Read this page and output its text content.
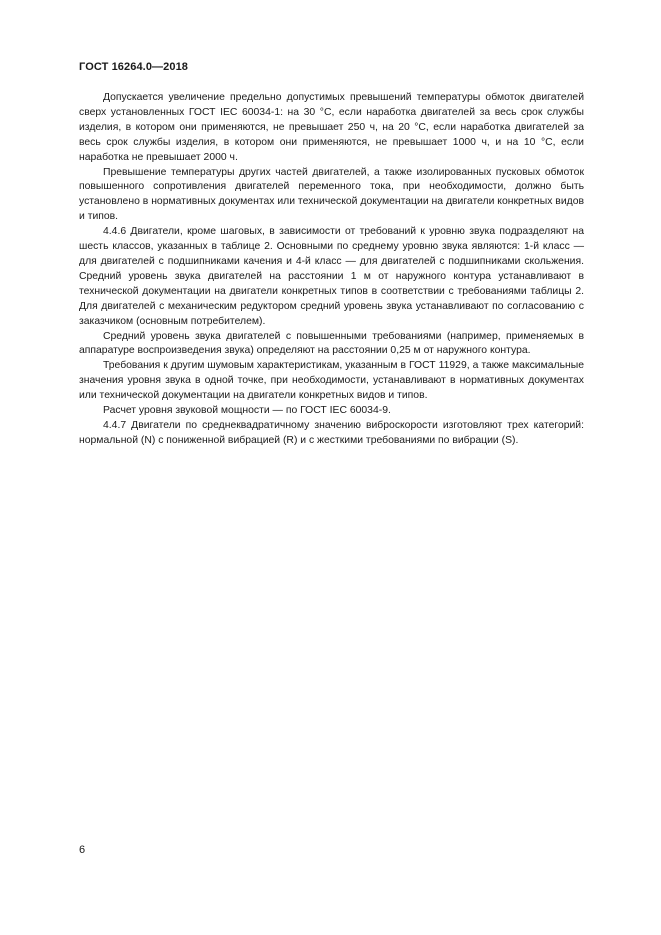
ГОСТ 16264.0—2018

Допускается увеличение предельно допустимых превышений температуры обмоток двигателей сверх установленных ГОСТ IEC 60034-1: на 30 °С, если наработка двигателей за весь срок службы изделия, в котором они применяются, не превышает 250 ч, на 20 °С, если наработка двигателей за весь срок службы изделия, в котором они применяются, не превышает 1000 ч, и на 10 °С, если наработка не превышает 2000 ч.

Превышение температуры других частей двигателей, а также изолированных пусковых обмоток повышенного сопротивления двигателей переменного тока, при необходимости, должно быть установлено в нормативных документах или технической документации на двигатели конкретных видов и типов.

4.4.6 Двигатели, кроме шаговых, в зависимости от требований к уровню звука подразделяют на шесть классов, указанных в таблице 2. Основными по среднему уровню звука являются: 1-й класс — для двигателей с подшипниками качения и 4-й класс — для двигателей с подшипниками скольжения. Средний уровень звука двигателей на расстоянии 1 м от наружного контура устанавливают в технической документации на двигатели конкретных типов в соответствии с требованиями таблицы 2. Для двигателей с механическим редуктором средний уровень звука устанавливают по согласованию с заказчиком (основным потребителем).

Средний уровень звука двигателей с повышенными требованиями (например, применяемых в аппаратуре воспроизведения звука) определяют на расстоянии 0,25 м от наружного контура.

Требования к другим шумовым характеристикам, указанным в ГОСТ 11929, а также максимальные значения уровня звука в одной точке, при необходимости, устанавливают в нормативных документах или технической документации на двигатели конкретных видов и типов.

Расчет уровня звуковой мощности — по ГОСТ IEC 60034-9.

4.4.7 Двигатели по среднеквадратичному значению виброскорости изготовляют трех категорий: нормальной (N) с пониженной вибрацией (R) и с жесткими требованиями по вибрации (S).

6
